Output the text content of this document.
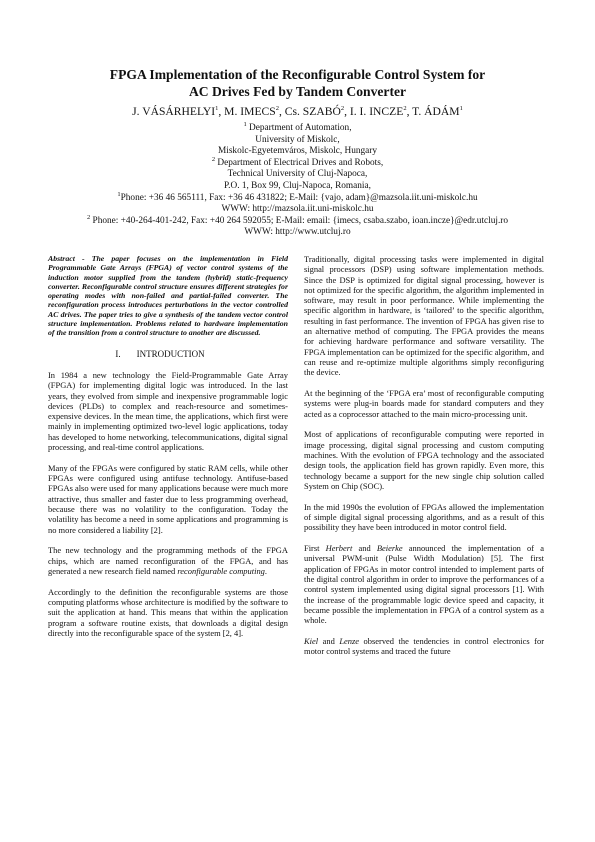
FPGA Implementation of the Reconfigurable Control System for
AC Drives Fed by Tandem Converter
J. VÁSÁRHELYI$^1$, M. IMECS$^2$, Cs. SZABÓ$^2$, I. I. INCZE$^2$, T. ÁDÁM$^1$
$^1$ Department of Automation,
University of Miskolc,
Miskolc-Egyetemváros, Miskolc, Hungary
$^2$ Department of Electrical Drives and Robots,
Technical University of Cluj-Napoca,
P.O. 1, Box 99, Cluj-Napoca, Romania,
$^1$Phone: +36 46 565111, Fax: +36 46 431822; E-Mail: {vajo, adam}@mazsola.iit.uni-miskolc.hu
WWW: http://mazsola.iit.uni-miskolc.hu
$^2$ Phone: +40-264-401-242, Fax: +40 264 592055; E-Mail: email: {imecs, csaba.szabo, ioan.incze}@edr.utcluj.ro
WWW: http://www.utcluj.ro

Abstract - The paper focuses on the implementation in Field Programmable Gate Arrays (FPGA) of vector control systems of the induction motor supplied from the tandem (hybrid) static-frequency converter. Reconfigurable control structure ensures different strategies for operating modes with non-failed and partial-failed converter. The reconfiguration process introduces perturbations in the vector controlled AC drives. The paper tries to give a synthesis of the tandem vector control structure implementation. Problems related to hardware implementation of the transition from a control structure to another are discussed.

I. INTRODUCTION

In 1984 a new technology the Field-Programmable Gate Array (FPGA) for implementing digital logic was introduced. In the last years, they evolved from simple and inexpensive programmable logic devices (PLDs) to complex and reach-resource and sometimes-expensive devices. In the mean time, the applications, which first were mainly in implementing optimized two-level logic applications, today has developed to home networking, telecommunications, digital signal processing, and real-time control applications.

Many of the FPGAs were configured by static RAM cells, while other FPGAs were configured using antifuse technology. Antifuse-based FPGAs also were used for many applications because were much more attractive, thus smaller and faster due to less programming overhead, because there was no volatility to the configuration. Today the volatility has become a need in some applications and programming is no more considered a liability [2].

The new technology and the programming methods of the FPGA chips, which are named reconfiguration of the FPGA, and has generated a new research field named reconfigurable computing.

Accordingly to the definition the reconfigurable systems are those computing platforms whose architecture is modified by the software to suit the application at hand. This means that within the application program a software routine exists, that downloads a digital design directly into the reconfigurable space of the system [2, 4].

Traditionally, digital processing tasks were implemented in digital signal processors (DSP) using software implementation methods. Since the DSP is optimized for digital signal processing, however is not optimized for the specific algorithm, the algorithm implemented in software, may result in poor performance. While implementing the specific algorithm in hardware, is ‘tailored’ to the specific algorithm, resulting in fast performance. The invention of FPGA has given rise to an alternative method of computing. The FPGA provides the means for achieving hardware performance and software versatility. The FPGA implementation can be optimized for the specific algorithm, and can reuse and re-optimize multiple algorithms simply reconfiguring the device.

At the beginning of the ‘FPGA era’ most of reconfigurable computing systems were plug-in boards made for standard computers and they acted as a coprocessor attached to the main micro-processing unit.

Most of applications of reconfigurable computing were reported in image processing, digital signal processing and custom computing machines. With the evolution of FPGA technology and the associated design tools, the application field has grown rapidly. Even more, this technology became a support for the new single chip solution called System on Chip (SOC).

In the mid 1990s the evolution of FPGAs allowed the implementation of simple digital signal processing algorithms, and as a result of this possibility they have been introduced in motor control field.

First Herbert and Beierke announced the implementation of a universal PWM-unit (Pulse Width Modulation) [5]. The first application of FPGAs in motor control intended to implement parts of the digital control algorithm in order to improve the performances of a control system implemented using digital signal processors [1]. With the increase of the programmable logic device speed and capacity, it became possible the implementation in FPGA of a control system as a whole.

Kiel and Lenze observed the tendencies in control electronics for motor control systems and traced the future
